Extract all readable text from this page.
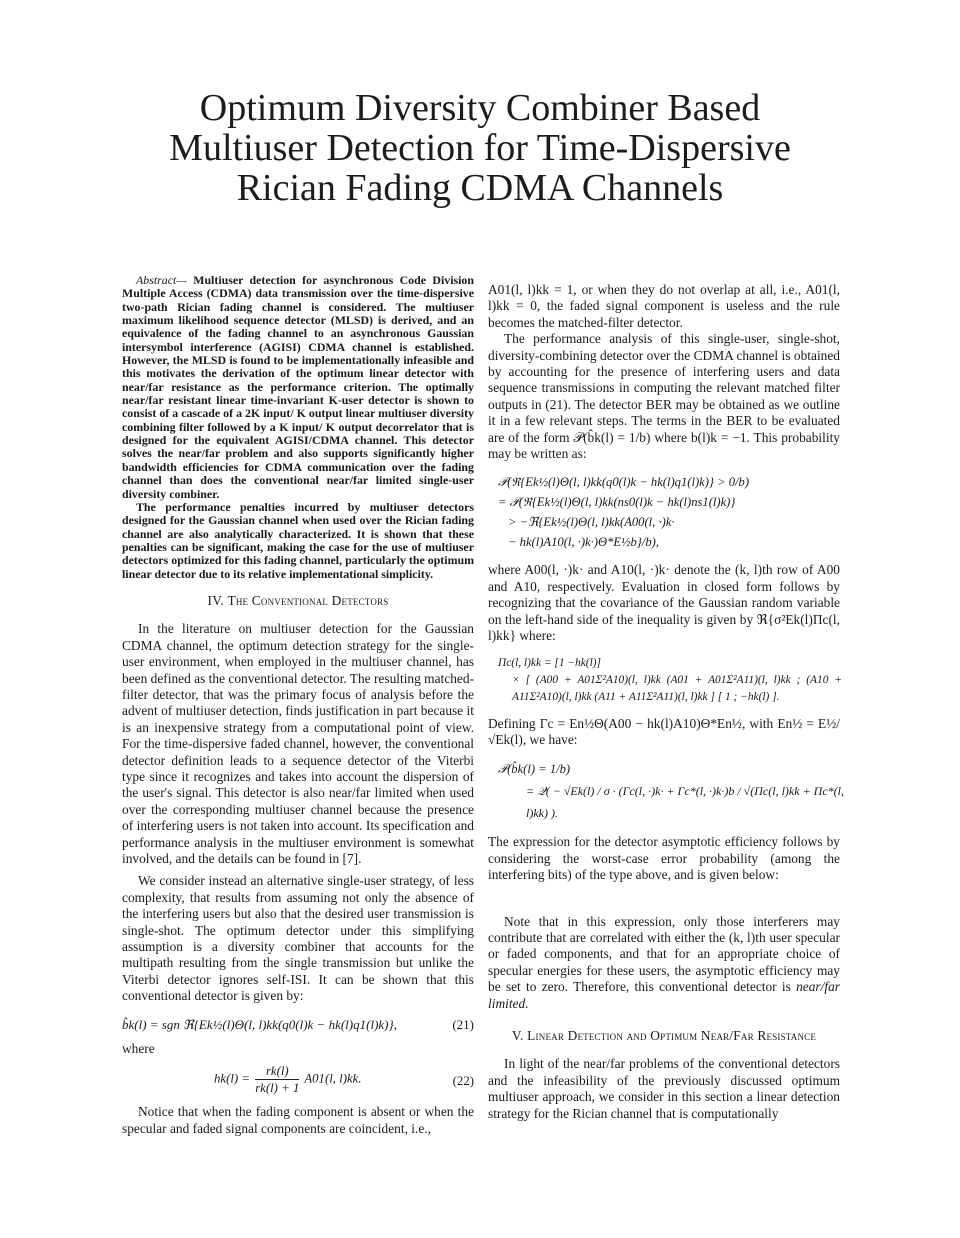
Optimum Diversity Combiner Based
Multiuser Detection for Time-Dispersive
Rician Fading CDMA Channels

Abstract— Multiuser detection for asynchronous Code Division Multiple Access (CDMA) data transmission over the time-dispersive two-path Rician fading channel is considered. The multiuser maximum likelihood sequence detector (MLSD) is derived, and an equivalence of the fading channel to an asynchronous Gaussian intersymbol interference (AGISI) CDMA channel is established. However, the MLSD is found to be implementationally infeasible and this motivates the derivation of the optimum linear detector with near/far resistance as the performance criterion. The optimally near/far resistant linear time-invariant K-user detector is shown to consist of a cascade of a 2K input/ K output linear multiuser diversity combining filter followed by a K input/ K output decorrelator that is designed for the equivalent AGISI/CDMA channel. This detector solves the near/far problem and also supports significantly higher bandwidth efficiencies for CDMA communication over the fading channel than does the conventional near/far limited single-user diversity combiner.

The performance penalties incurred by multiuser detectors designed for the Gaussian channel when used over the Rician fading channel are also analytically characterized. It is shown that these penalties can be significant, making the case for the use of multiuser detectors optimized for this fading channel, particularly the optimum linear detector due to its relative implementational simplicity.

IV. The Conventional Detectors

In the literature on multiuser detection for the Gaussian CDMA channel, the optimum detection strategy for the single-user environment, when employed in the multiuser channel, has been defined as the conventional detector. The resulting matched-filter detector, that was the primary focus of analysis before the advent of multiuser detection, finds justification in part because it is an inexpensive strategy from a computational point of view. For the time-dispersive faded channel, however, the conventional detector definition leads to a sequence detector of the Viterbi type since it recognizes and takes into account the dispersion of the user's signal. This detector is also near/far limited when used over the corresponding multiuser channel because the presence of interfering users is not taken into account. Its specification and performance analysis in the multiuser environment is somewhat involved, and the details can be found in [7].

We consider instead an alternative single-user strategy, of less complexity, that results from assuming not only the absence of the interfering users but also that the desired user transmission is single-shot. The optimum detector under this simplifying assumption is a diversity combiner that accounts for the multipath resulting from the single transmission but unlike the Viterbi detector ignores self-ISI. It can be shown that this conventional detector is given by:

b̂k(l) = sgn ℜ{Ek½(l)Θ(l, l)kk(q0(l)k − hk(l)q1(l)k)},	(21)

where

$hk(l) = \frac{rk(l)}{rk(l) + 1} A01(l$, l)kk.	(22)

Notice that when the fading component is absent or when the specular and faded signal components are coincident, i.e.,

A01(l, l)kk = 1, or when they do not overlap at all, i.e., A01(l, l)kk = 0, the faded signal component is useless and the rule becomes the matched-filter detector.

The performance analysis of this single-user, single-shot, diversity-combining detector over the CDMA channel is obtained by accounting for the presence of interfering users and data sequence transmissions in computing the relevant matched filter outputs in (21). The detector BER may be obtained as we outline it in a few relevant steps. The terms in the BER to be evaluated are of the form 𝒫(b̂k(l) = 1/b) where b(l)k = −1. This probability may be written as:

𝒫(ℜ{Ek½(l)Θ(l, l)kk(q0(l)k − hk(l)q1(l)k)} > 0/b)
= 𝒫(ℜ{Ek½(l)Θ(l, l)kk(ns0(l)k − hk(l)ns1(l)k)}
> −ℜ{Ek½(l)Θ(l, l)kk(A00(l, ·)k·
− hk(l)A10(l, ·)k·)Θ*E½b}/b),

where A00(l, ·)k· and A10(l, ·)k· denote the (k, l)th row of A00 and A10, respectively. Evaluation in closed form follows by recognizing that the covariance of the Gaussian random variable on the left-hand side of the inequality is given by ℜ{σ²Ek(l)Πc(l, l)kk} where:

Πc(l, l)kk = [1 −hk(l)]
× [ (A00 + A01Σ²A10)(l, l)kk (A01 + A01Σ²A11)(l, l)kk ; (A10 + A11Σ²A10)(l, l)kk (A11 + A11Σ²A11)(l, l)kk ] [ 1 ; −hk(l) ].

Defining Γc = En½Θ(A00 − hk(l)A10)Θ*En½, with En½ = E½/ √Ek(l), we have:

𝒫(b̂k(l) = 1/b)
= 𝒬( − √Ek(l) / σ · (Γc(l, ·)k· + Γc*(l, ·)k·)b / √(Πc(l, l)kk + Πc*(l, l)kk) ).

The expression for the detector asymptotic efficiency follows by considering the worst-case error probability (among the interfering bits) of the type above, and is given below:

Note that in this expression, only those interferers may contribute that are correlated with either the (k, l)th user specular or faded components, and that for an appropriate choice of specular energies for these users, the asymptotic efficiency may be set to zero. Therefore, this conventional detector is near/far limited.

V. Linear Detection and Optimum Near/Far Resistance

In light of the near/far problems of the conventional detectors and the infeasibility of the previously discussed optimum multiuser approach, we consider in this section a linear detection strategy for the Rician channel that is computationally
